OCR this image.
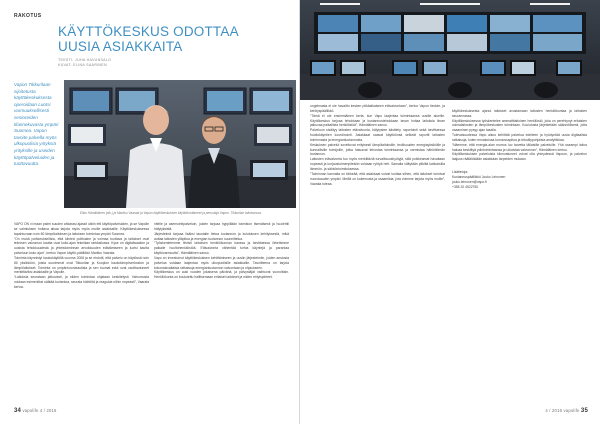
RAKOTUS
KÄYTTÖKESKUS ODOTTAA
UUSIA ASIAKKAITA
TEKSTI: JUHA HAVUNSALO
KUVAT: ELINA SAARINEN
Vapon Tikkurilaan sijoitetusta käyttökeskuksesta operoidaan Luotsi varmuuksellisesti senioreiden tilannekuvasta ympäri Suomea. Vapon tavoite palvella myös ulkopuolisia yrityksiä yrityksille ja useiden käyttöpalveluiden ja tuottavuutta.
Eliko Hämäläinen (oik.) ja Markku Vaarala ja Vapon käyttökeskuksen käyttöönottaneet ja perustaja Vapon. Tikkurilan laitoksessa.
VAPO ON vi maan paimi suuden ahkarasi ajassit oikiin etti käyttöpalveluiden, ja se Vapolle se valmiuksen hoitava alkaa tarjota myös myös muille asiakkaille. Käyttökeskuksessa tapahtuvaan noin 80 lämpölaitoksen ja laitoksen toimintaa ympäri Suomea.
“On mukä poikkeuksellisia, että kiinteä polttoaine ja voimaa tuottava ja laitokset ovat teknisen valvomon kautta ovat koko-ajan tekniikan tarkkailussa. Kyse on digitalisaation ja uusista tehokkuudesta ja yhteistoiminnan arvokkuuden edistämiseen ja luotsi kautta palveluun koko ajan”, kertoo Vapon käyttö-päällikkö Markku Vaarala.
Toiminta käynnistyi kaukokäytöllä vuonna 2008 ja se ehdotti, että palvelu on käytössä noin 80 yksikköön, joista suurimmat ovat Tikkurilan ja Kuopion kaukolämpöverkoston ja lämpölaitokset. Toiminta on ympärivuorokautista ja sen tuomat edut ovat osoittautuneet merkittäviksi asiakkaille ja Vapolle.
“Laitoksia seurataan jatkuvasti, ja niiden toimintaa ohjataan keskitetysti. Valvomosta voidaan esimerkiksi säätää tuotantoa, seurata häiriöitä ja reagoida niihin nopeasti”, Vaarala kertoo.
nitelle ja asemointipalveluin, joiden tarjoaa hyppillään toimiston itsenäisesti ja huolehtii hälytyksistä.
Järjestelmä tarjoaa lisäksi taustalle tietoa tuotannon ja kulutuksen kehityksestä, mikä auttaa laitosten ylläpitoa ja energian tuotannon suunnittelua.
“Työskentelemme tiiviisti laitoksen henkilökunnan kanssa ja tarvittaessa lähetämme paikalle huoltohenkilöstöä. Etävalvonta vähentää turhia käyntejä ja parantaa käyttövarmuutta”, Hämäläinen sanoo.
Vapo on investoinut käyttökeskuksen kehittämiseen ja uusiin järjestelmiin, joiden ansiosta palvelua voidaan laajentaa myös ulkopuolisille asiakkaille. Tavoitteena on tarjota kokonaisvaltaisia ratkaisuja energiantuotannon valvontaan ja ohjaukseen.
Käyttökeskus on auki vuoden jokaisena päivänä, ja päivystäjät vaihtuvat vuoroittain. Henkilökunta on koulutettu hallitsemaan erilaiset laitokset ja niiden erityispiirteet.
34 vapolife 4 / 2016
ongelmasta ei ole havaittu kesken pitkäaikaiseen etävalvontaan”, kertoo Vapon tiedote- ja kehityspäällikkö.
“Tämä ei ole ensimmäinen kerta, kun Vapo laajentaa toimintaansa uusille alueille. Käyttökeskus tarjoaa tehokkaan ja kustannustehokkaan tavan hoitaa laitoksia ilman jatkuvaa paikallista henkilöstöä”, Hämäläinen sanoo.
Palveluun sisältyy laitosten etävalvonta, hälytysten käsittely, raportointi sekä tarvittaessa huoltokäyntien koordinointi. Asiakkaat saavat käyttöönsä selkeät raportit laitosten toiminnasta ja energiantuotannosta.
Keskuksen palvelut soveltuvat erityisesti lämpölaitoksille, teollisuuden energiayksiköille ja kunnallisille toimijoille, jotka haluavat tehostaa toimintaansa ja varmistaa häiriöttömän tuotannon.
Laitosten etävalvonta tuo myös merkittäviä turvallisuushyötyjä, sillä poikkeamat havaitaan nopeasti ja korjaustoimenpiteisiin voidaan ryhtyä heti. Samalla vältytään pitkiltä katkoksilta lämmön- ja sähköntoimituksessa.
“Toiminnan kannalta on tärkeää, että asiakkaat voivat luottaa siihen, että laitokset toimivat vuorokauden ympäri. Meillä on kokemusta ja osaamista, jota voimme tarjota myös muille”, Vaarala toteaa.

käyttökeskuksesta ajanut laitokset avustamaan laitosten henkilökuntaa ja laitosten seurannassa.
Käyttökeskuksessa työskentelee ammattitaitoinen henkilöstö, joka on perehtynyt erilaisten voimalaitosten ja lämpökeskusten toimintaan. Koulutusta järjestetään säännöllisesti, jotta osaaminen pysyy ajan tasalla.
Tulevaisuudessa Vapo aikoo kehittää palvelua edelleen ja hyödyntää uusia digitaalisia ratkaisuja, kuten ennakoivaa kunnossapitoa ja tekoälypohjaista analytiikkaa.
“Näemme, että energia-alan murros luo tarvetta tällaisille palveluille. Yhä useampi laitos haluaa keskittyä ydintoimintaansa ja ulkoistaa valvonnan”, Hämäläinen kertoo.
Käyttökeskuksen palveluista kiinnostuneet voivat olla yhteydessä Vapoon, ja palvelun laajuus räätälöidään asiakkaan tarpeiden mukaan.

Lisätietoja:
Kustannuspäällikkö Jouko Leinonen
jouko.leinonen@vapo.fi
+358 20 4522750

4 / 2016 vapolife 35
